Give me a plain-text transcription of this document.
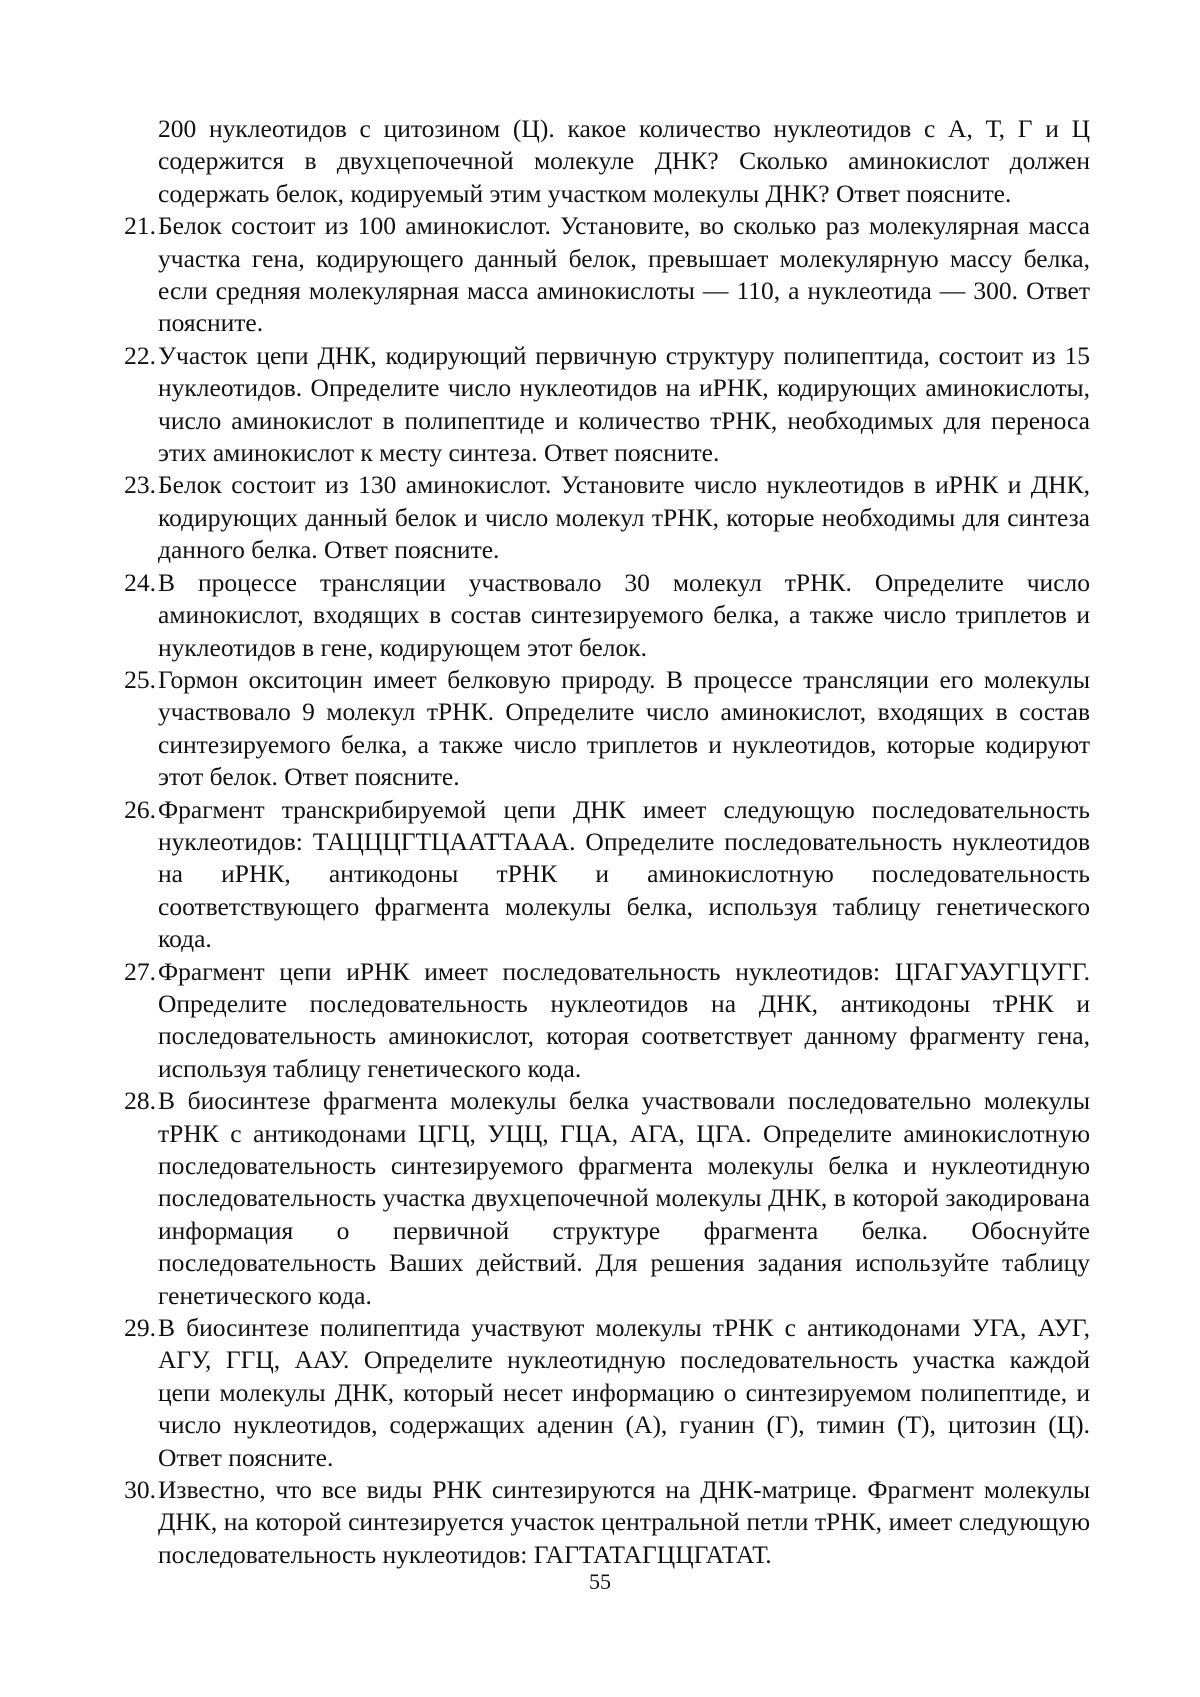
200 нуклеотидов с цитозином (Ц). какое количество нуклеотидов с А, Т, Г и Ц содержится в двухцепочечной молекуле ДНК? Сколько аминокислот должен содержать белок, кодируемый этим участком молекулы ДНК? Ответ поясните.

21. Белок состоит из 100 аминокислот. Установите, во сколько раз молекулярная масса участка гена, кодирующего данный белок, превышает молекулярную массу белка, если средняя молекулярная масса аминокислоты — 110, а нуклеотида — 300. Ответ поясните.

22. Участок цепи ДНК, кодирующий первичную структуру полипептида, состоит из 15 нуклеотидов. Определите число нуклеотидов на иРНК, кодирующих аминокислоты, число аминокислот в полипептиде и количество тРНК, необходимых для переноса этих аминокислот к месту синтеза. Ответ поясните.

23. Белок состоит из 130 аминокислот. Установите число нуклеотидов в иРНК и ДНК, кодирующих данный белок и число молекул тРНК, которые необходимы для синтеза данного белка. Ответ поясните.

24. В процессе трансляции участвовало 30 молекул тРНК. Определите число аминокислот, входящих в состав синтезируемого белка, а также число триплетов и нуклеотидов в гене, кодирующем этот белок.

25. Гормон окситоцин имеет белковую природу. В процессе трансляции его молекулы участвовало 9 молекул тРНК. Определите число аминокислот, входящих в состав синтезируемого белка, а также число триплетов и нуклеотидов, которые кодируют этот белок. Ответ поясните.

26. Фрагмент транскрибируемой цепи ДНК имеет следующую последовательность нуклеотидов: ТАЦЦЦГТЦААТТААА. Определите последовательность нуклеотидов на иРНК, антикодоны тРНК и аминокислотную последовательность соответствующего фрагмента молекулы белка, используя таблицу генетического кода.

27. Фрагмент цепи иРНК имеет последовательность нуклеотидов: ЦГАГУАУГЦУГГ. Определите последовательность нуклеотидов на ДНК, антикодоны тРНК и последовательность аминокислот, которая соответствует данному фрагменту гена, используя таблицу генетического кода.

28. В биосинтезе фрагмента молекулы белка участвовали последовательно молекулы тРНК с антикодонами ЦГЦ, УЦЦ, ГЦА, АГА, ЦГА. Определите аминокислотную последовательность синтезируемого фрагмента молекулы белка и нуклеотидную последовательность участка двухцепочечной молекулы ДНК, в которой закодирована информация о первичной структуре фрагмента белка. Обоснуйте последовательность Ваших действий. Для решения задания используйте таблицу генетического кода.

29. В биосинтезе полипептида участвуют молекулы тРНК с антикодонами УГА, АУГ, АГУ, ГГЦ, ААУ. Определите нуклеотидную последовательность участка каждой цепи молекулы ДНК, который несет информацию о синтезируемом полипептиде, и число нуклеотидов, содержащих аденин (А), гуанин (Г), тимин (Т), цитозин (Ц). Ответ поясните.

30. Известно, что все виды РНК синтезируются на ДНК-матрице. Фрагмент молекулы ДНК, на которой синтезируется участок центральной петли тРНК, имеет следующую последовательность нуклеотидов: ГАГТАТАГЦЦГАТАТ.

55
